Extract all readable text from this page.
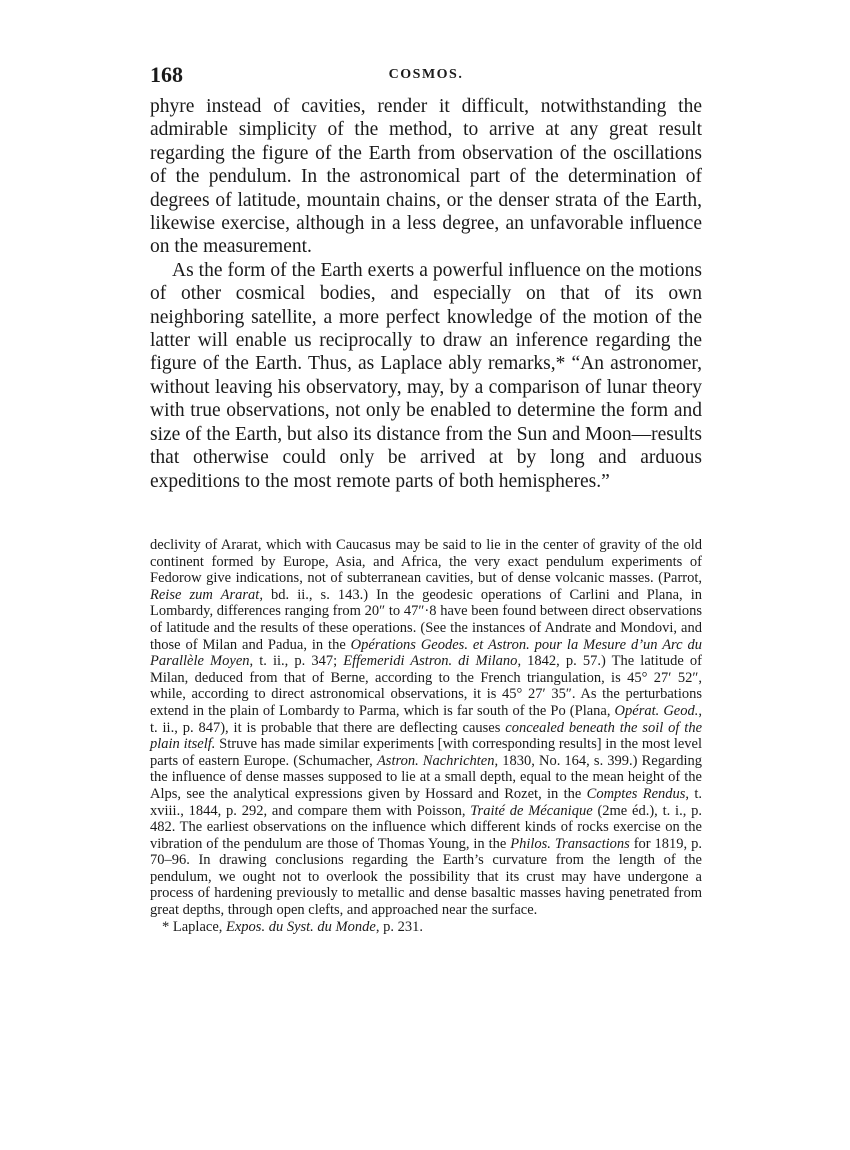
168	COSMOS.

phyre instead of cavities, render it difficult, notwithstanding the admirable simplicity of the method, to arrive at any great result regarding the figure of the Earth from observation of the oscillations of the pendulum. In the astronomical part of the determination of degrees of latitude, mountain chains, or the denser strata of the Earth, likewise exercise, although in a less degree, an unfavorable influence on the measurement.

As the form of the Earth exerts a powerful influence on the motions of other cosmical bodies, and especially on that of its own neighboring satellite, a more perfect knowledge of the motion of the latter will enable us reciprocally to draw an inference regarding the figure of the Earth. Thus, as Laplace ably remarks,* “An astronomer, without leaving his observatory, may, by a comparison of lunar theory with true observations, not only be enabled to determine the form and size of the Earth, but also its distance from the Sun and Moon—results that otherwise could only be arrived at by long and arduous expeditions to the most remote parts of both hemispheres.”

declivity of Ararat, which with Caucasus may be said to lie in the center of gravity of the old continent formed by Europe, Asia, and Africa, the very exact pendulum experiments of Fedorow give indications, not of subterranean cavities, but of dense volcanic masses. (Parrot, Reise zum Ararat, bd. ii., s. 143.) In the geodesic operations of Carlini and Plana, in Lombardy, differences ranging from 20″ to 47″·8 have been found between direct observations of latitude and the results of these operations. (See the instances of Andrate and Mondovi, and those of Milan and Padua, in the Opérations Geodes. et Astron. pour la Mesure d’un Arc du Parallèle Moyen, t. ii., p. 347; Effemeridi Astron. di Milano, 1842, p. 57.) The latitude of Milan, deduced from that of Berne, according to the French triangulation, is 45° 27′ 52″, while, according to direct astronomical observations, it is 45° 27′ 35″. As the perturbations extend in the plain of Lombardy to Parma, which is far south of the Po (Plana, Opérat. Geod., t. ii., p. 847), it is probable that there are deflecting causes concealed beneath the soil of the plain itself. Struve has made similar experiments [with corresponding results] in the most level parts of eastern Europe. (Schumacher, Astron. Nachrichten, 1830, No. 164, s. 399.) Regarding the influence of dense masses supposed to lie at a small depth, equal to the mean height of the Alps, see the analytical expressions given by Hossard and Rozet, in the Comptes Rendus, t. xviii., 1844, p. 292, and compare them with Poisson, Traité de Mécanique (2me éd.), t. i., p. 482. The earliest observations on the influence which different kinds of rocks exercise on the vibration of the pendulum are those of Thomas Young, in the Philos. Transactions for 1819, p. 70–96. In drawing conclusions regarding the Earth’s curvature from the length of the pendulum, we ought not to overlook the possibility that its crust may have undergone a process of hardening previously to metallic and dense basaltic masses having penetrated from great depths, through open clefts, and approached near the surface.

* Laplace, Expos. du Syst. du Monde, p. 231.
